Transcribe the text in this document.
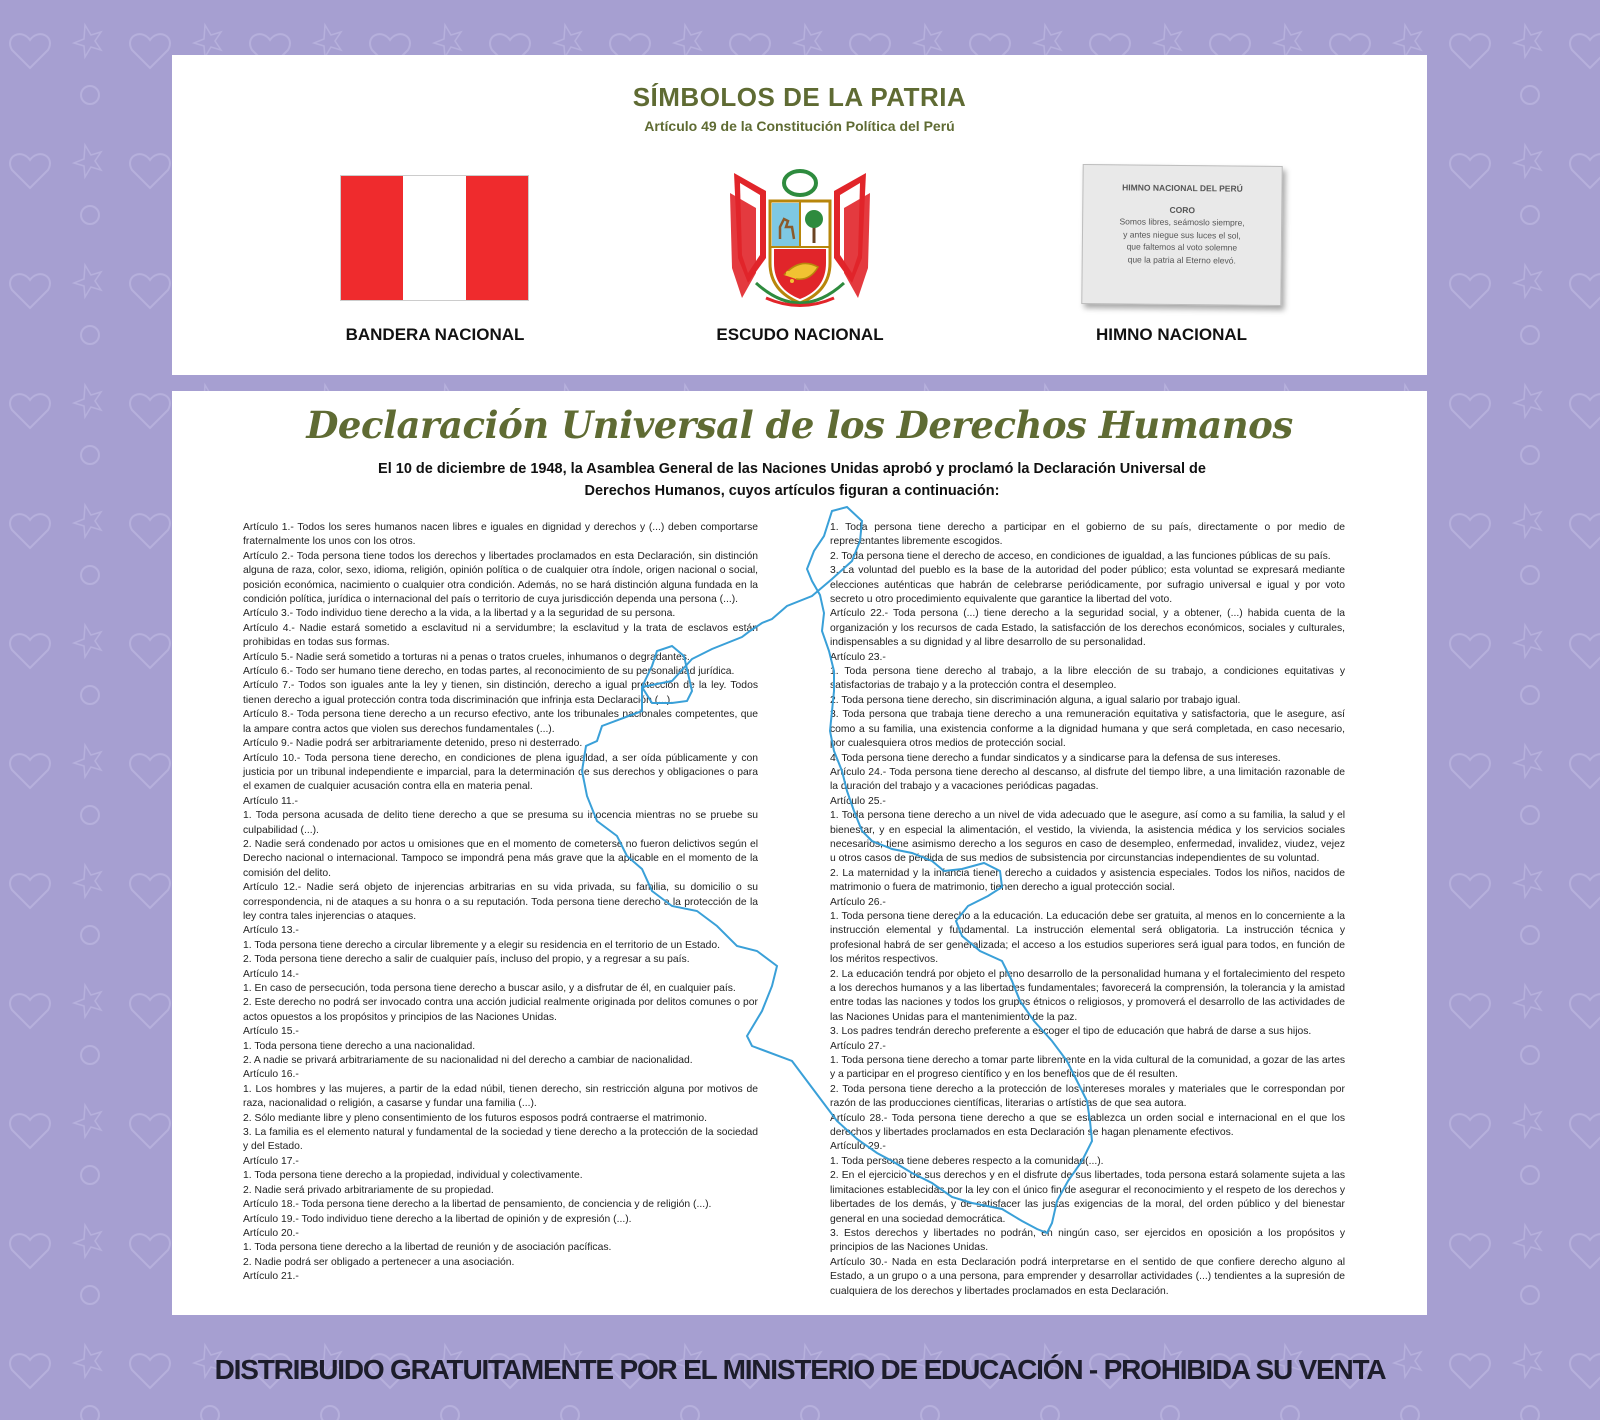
SÍMBOLOS DE LA PATRIA
Artículo 49 de la Constitución Política del Perú
HIMNO NACIONAL DEL PERÚ
CORO
Somos libres, seámoslo siempre,
y antes niegue sus luces el sol,
que faltemos al voto solemne
que la patria al Eterno elevó.
BANDERA NACIONAL	ESCUDO NACIONAL	HIMNO NACIONAL
Declaración Universal de los Derechos Humanos
El 10 de diciembre de 1948, la Asamblea General de las Naciones Unidas aprobó y proclamó la Declaración Universal de
Derechos Humanos, cuyos artículos figuran a continuación:

Artículo 1.- Todos los seres humanos nacen libres e iguales en dignidad y derechos y (...) deben comportarse fraternalmente los unos con los otros.

Artículo 2.- Toda persona tiene todos los derechos y libertades proclamados en esta Declaración, sin distinción alguna de raza, color, sexo, idioma, religión, opinión política o de cualquier otra índole, origen nacional o social, posición económica, nacimiento o cualquier otra condición. Además, no se hará distinción alguna fundada en la condición política, jurídica o internacional del país o territorio de cuya jurisdicción dependa una persona (...).

Artículo 3.- Todo individuo tiene derecho a la vida, a la libertad y a la seguridad de su persona.

Artículo 4.- Nadie estará sometido a esclavitud ni a servidumbre; la esclavitud y la trata de esclavos están prohibidas en todas sus formas.

Artículo 5.- Nadie será sometido a torturas ni a penas o tratos crueles, inhumanos o degradantes.

Artículo 6.- Todo ser humano tiene derecho, en todas partes, al reconocimiento de su personalidad jurídica.

Artículo 7.- Todos son iguales ante la ley y tienen, sin distinción, derecho a igual protección de la ley. Todos tienen derecho a igual protección contra toda discriminación que infrinja esta Declaración (...).

Artículo 8.- Toda persona tiene derecho a un recurso efectivo, ante los tribunales nacionales competentes, que la ampare contra actos que violen sus derechos fundamentales (...).

Artículo 9.- Nadie podrá ser arbitrariamente detenido, preso ni desterrado.

Artículo 10.- Toda persona tiene derecho, en condiciones de plena igualdad, a ser oída públicamente y con justicia por un tribunal independiente e imparcial, para la determinación de sus derechos y obligaciones o para el examen de cualquier acusación contra ella en materia penal.

Artículo 11.-

1. Toda persona acusada de delito tiene derecho a que se presuma su inocencia mientras no se pruebe su culpabilidad (...).

2. Nadie será condenado por actos u omisiones que en el momento de cometerse no fueron delictivos según el Derecho nacional o internacional. Tampoco se impondrá pena más grave que la aplicable en el momento de la comisión del delito.

Artículo 12.- Nadie será objeto de injerencias arbitrarias en su vida privada, su familia, su domicilio o su correspondencia, ni de ataques a su honra o a su reputación. Toda persona tiene derecho a la protección de la ley contra tales injerencias o ataques.

Artículo 13.-

1. Toda persona tiene derecho a circular libremente y a elegir su residencia en el territorio de un Estado.

2. Toda persona tiene derecho a salir de cualquier país, incluso del propio, y a regresar a su país.

Artículo 14.-

1. En caso de persecución, toda persona tiene derecho a buscar asilo, y a disfrutar de él, en cualquier país.

2. Este derecho no podrá ser invocado contra una acción judicial realmente originada por delitos comunes o por actos opuestos a los propósitos y principios de las Naciones Unidas.

Artículo 15.-

1. Toda persona tiene derecho a una nacionalidad.

2. A nadie se privará arbitrariamente de su nacionalidad ni del derecho a cambiar de nacionalidad.

Artículo 16.-

1. Los hombres y las mujeres, a partir de la edad núbil, tienen derecho, sin restricción alguna por motivos de raza, nacionalidad o religión, a casarse y fundar una familia (...).

2. Sólo mediante libre y pleno consentimiento de los futuros esposos podrá contraerse el matrimonio.

3. La familia es el elemento natural y fundamental de la sociedad y tiene derecho a la protección de la sociedad y del Estado.

Artículo 17.-

1. Toda persona tiene derecho a la propiedad, individual y colectivamente.

2. Nadie será privado arbitrariamente de su propiedad.

Artículo 18.- Toda persona tiene derecho a la libertad de pensamiento, de conciencia y de religión (...).

Artículo 19.- Todo individuo tiene derecho a la libertad de opinión y de expresión (...).

Artículo 20.-

1. Toda persona tiene derecho a la libertad de reunión y de asociación pacíficas.

2. Nadie podrá ser obligado a pertenecer a una asociación.

Artículo 21.-

1. Toda persona tiene derecho a participar en el gobierno de su país, directamente o por medio de representantes libremente escogidos.

2. Toda persona tiene el derecho de acceso, en condiciones de igualdad, a las funciones públicas de su país.

3. La voluntad del pueblo es la base de la autoridad del poder público; esta voluntad se expresará mediante elecciones auténticas que habrán de celebrarse periódicamente, por sufragio universal e igual y por voto secreto u otro procedimiento equivalente que garantice la libertad del voto.

Artículo 22.- Toda persona (...) tiene derecho a la seguridad social, y a obtener, (...) habida cuenta de la organización y los recursos de cada Estado, la satisfacción de los derechos económicos, sociales y culturales, indispensables a su dignidad y al libre desarrollo de su personalidad.

Artículo 23.-

1. Toda persona tiene derecho al trabajo, a la libre elección de su trabajo, a condiciones equitativas y satisfactorias de trabajo y a la protección contra el desempleo.

2. Toda persona tiene derecho, sin discriminación alguna, a igual salario por trabajo igual.

3. Toda persona que trabaja tiene derecho a una remuneración equitativa y satisfactoria, que le asegure, así como a su familia, una existencia conforme a la dignidad humana y que será completada, en caso necesario, por cualesquiera otros medios de protección social.

4. Toda persona tiene derecho a fundar sindicatos y a sindicarse para la defensa de sus intereses.

Artículo 24.- Toda persona tiene derecho al descanso, al disfrute del tiempo libre, a una limitación razonable de la duración del trabajo y a vacaciones periódicas pagadas.

Artículo 25.-

1. Toda persona tiene derecho a un nivel de vida adecuado que le asegure, así como a su familia, la salud y el bienestar, y en especial la alimentación, el vestido, la vivienda, la asistencia médica y los servicios sociales necesarios; tiene asimismo derecho a los seguros en caso de desempleo, enfermedad, invalidez, viudez, vejez u otros casos de pérdida de sus medios de subsistencia por circunstancias independientes de su voluntad.

2. La maternidad y la infancia tienen derecho a cuidados y asistencia especiales. Todos los niños, nacidos de matrimonio o fuera de matrimonio, tienen derecho a igual protección social.

Artículo 26.-

1. Toda persona tiene derecho a la educación. La educación debe ser gratuita, al menos en lo concerniente a la instrucción elemental y fundamental. La instrucción elemental será obligatoria. La instrucción técnica y profesional habrá de ser generalizada; el acceso a los estudios superiores será igual para todos, en función de los méritos respectivos.

2. La educación tendrá por objeto el pleno desarrollo de la personalidad humana y el fortalecimiento del respeto a los derechos humanos y a las libertades fundamentales; favorecerá la comprensión, la tolerancia y la amistad entre todas las naciones y todos los grupos étnicos o religiosos, y promoverá el desarrollo de las actividades de las Naciones Unidas para el mantenimiento de la paz.

3. Los padres tendrán derecho preferente a escoger el tipo de educación que habrá de darse a sus hijos.

Artículo 27.-

1. Toda persona tiene derecho a tomar parte libremente en la vida cultural de la comunidad, a gozar de las artes y a participar en el progreso científico y en los beneficios que de él resulten.

2. Toda persona tiene derecho a la protección de los intereses morales y materiales que le correspondan por razón de las producciones científicas, literarias o artísticas de que sea autora.

Artículo 28.- Toda persona tiene derecho a que se establezca un orden social e internacional en el que los derechos y libertades proclamados en esta Declaración se hagan plenamente efectivos.

Artículo 29.-

1. Toda persona tiene deberes respecto a la comunidad(...).

2. En el ejercicio de sus derechos y en el disfrute de sus libertades, toda persona estará solamente sujeta a las limitaciones establecidas por la ley con el único fin de asegurar el reconocimiento y el respeto de los derechos y libertades de los demás, y de satisfacer las justas exigencias de la moral, del orden público y del bienestar general en una sociedad democrática.

3. Estos derechos y libertades no podrán, en ningún caso, ser ejercidos en oposición a los propósitos y principios de las Naciones Unidas.

Artículo 30.- Nada en esta Declaración podrá interpretarse en el sentido de que confiere derecho alguno al Estado, a un grupo o a una persona, para emprender y desarrollar actividades (...) tendientes a la supresión de cualquiera de los derechos y libertades proclamados en esta Declaración.

DISTRIBUIDO GRATUITAMENTE POR EL MINISTERIO DE EDUCACIÓN - PROHIBIDA SU VENTA
